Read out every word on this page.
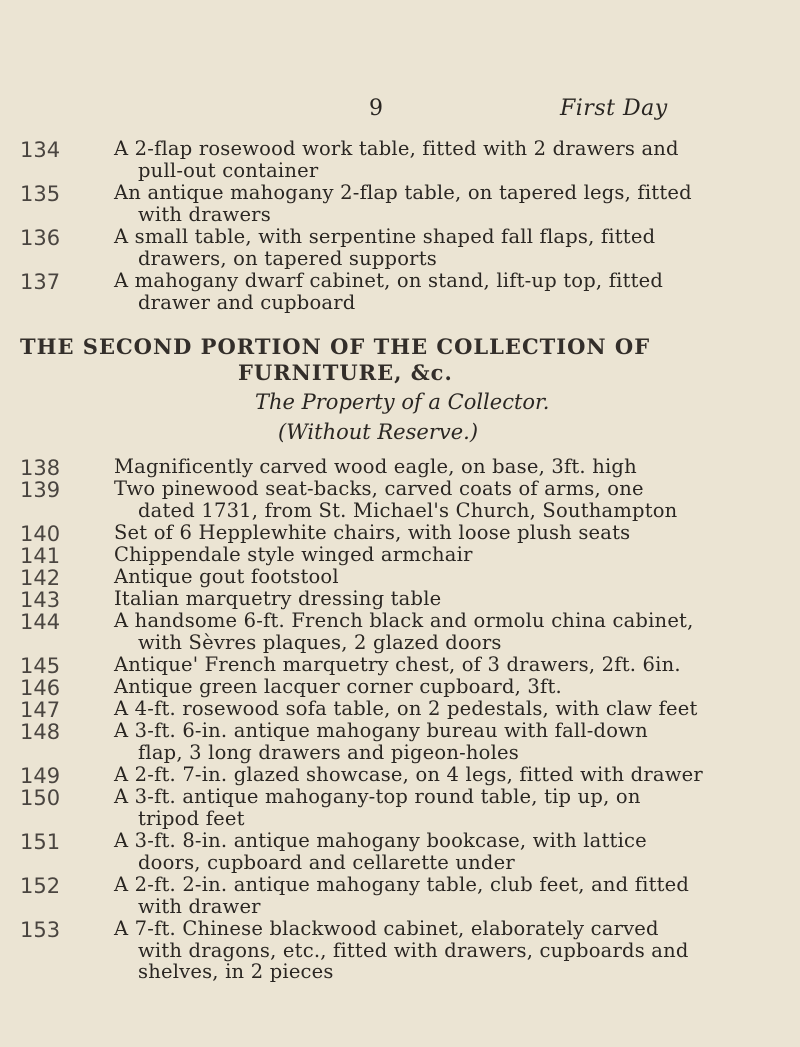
9	First Day
134	A 2-flap rosewood work table, fitted with 2 drawers and
pull-out container
135	An antique mahogany 2-flap table, on tapered legs, fitted
with drawers
136	A small table, with serpentine shaped fall flaps, fitted
drawers, on tapered supports
137	A mahogany dwarf cabinet, on stand, lift-up top, fitted
drawer and cupboard
THE SECOND PORTION OF THE COLLECTION OF
FURNITURE, &c.
The Property of a Collector.
(Without Reserve.)
138	Magnificently carved wood eagle, on base, 3ft. high
139	Two pinewood seat-backs, carved coats of arms, one
dated 1731, from St. Michael's Church, Southampton
140	Set of 6 Hepplewhite chairs, with loose plush seats
141	Chippendale style winged armchair
142	Antique gout footstool
143	Italian marquetry dressing table
144	A handsome 6-ft. French black and ormolu china cabinet,
with Sèvres plaques, 2 glazed doors
145	Antique' French marquetry chest, of 3 drawers, 2ft. 6in.
146	Antique green lacquer corner cupboard, 3ft.
147	A 4-ft. rosewood sofa table, on 2 pedestals, with claw feet
148	A 3-ft. 6-in. antique mahogany bureau with fall-down
flap, 3 long drawers and pigeon-holes
149	A 2-ft. 7-in. glazed showcase, on 4 legs, fitted with drawer
150	A 3-ft. antique mahogany-top round table, tip up, on
tripod feet
151	A 3-ft. 8-in. antique mahogany bookcase, with lattice
doors, cupboard and cellarette under
152	A 2-ft. 2-in. antique mahogany table, club feet, and fitted
with drawer
153	A 7-ft. Chinese blackwood cabinet, elaborately carved
with dragons, etc., fitted with drawers, cupboards and
shelves, in 2 pieces
